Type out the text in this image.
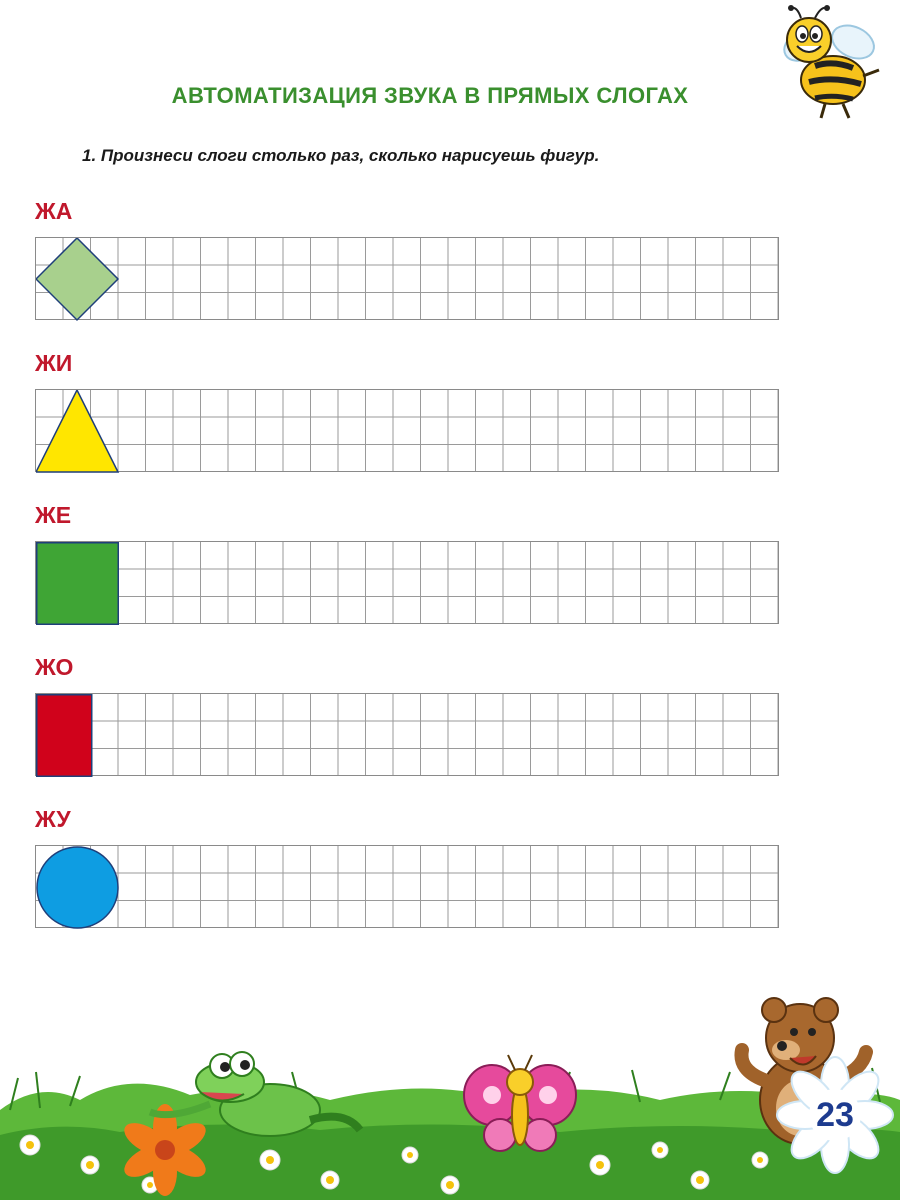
АВТОМАТИЗАЦИЯ ЗВУКА В ПРЯМЫХ СЛОГАХ
1. Произнеси слоги столько раз, сколько нарисуешь фигур.
ЖА
ЖИ
ЖЕ
ЖО
ЖУ
23
